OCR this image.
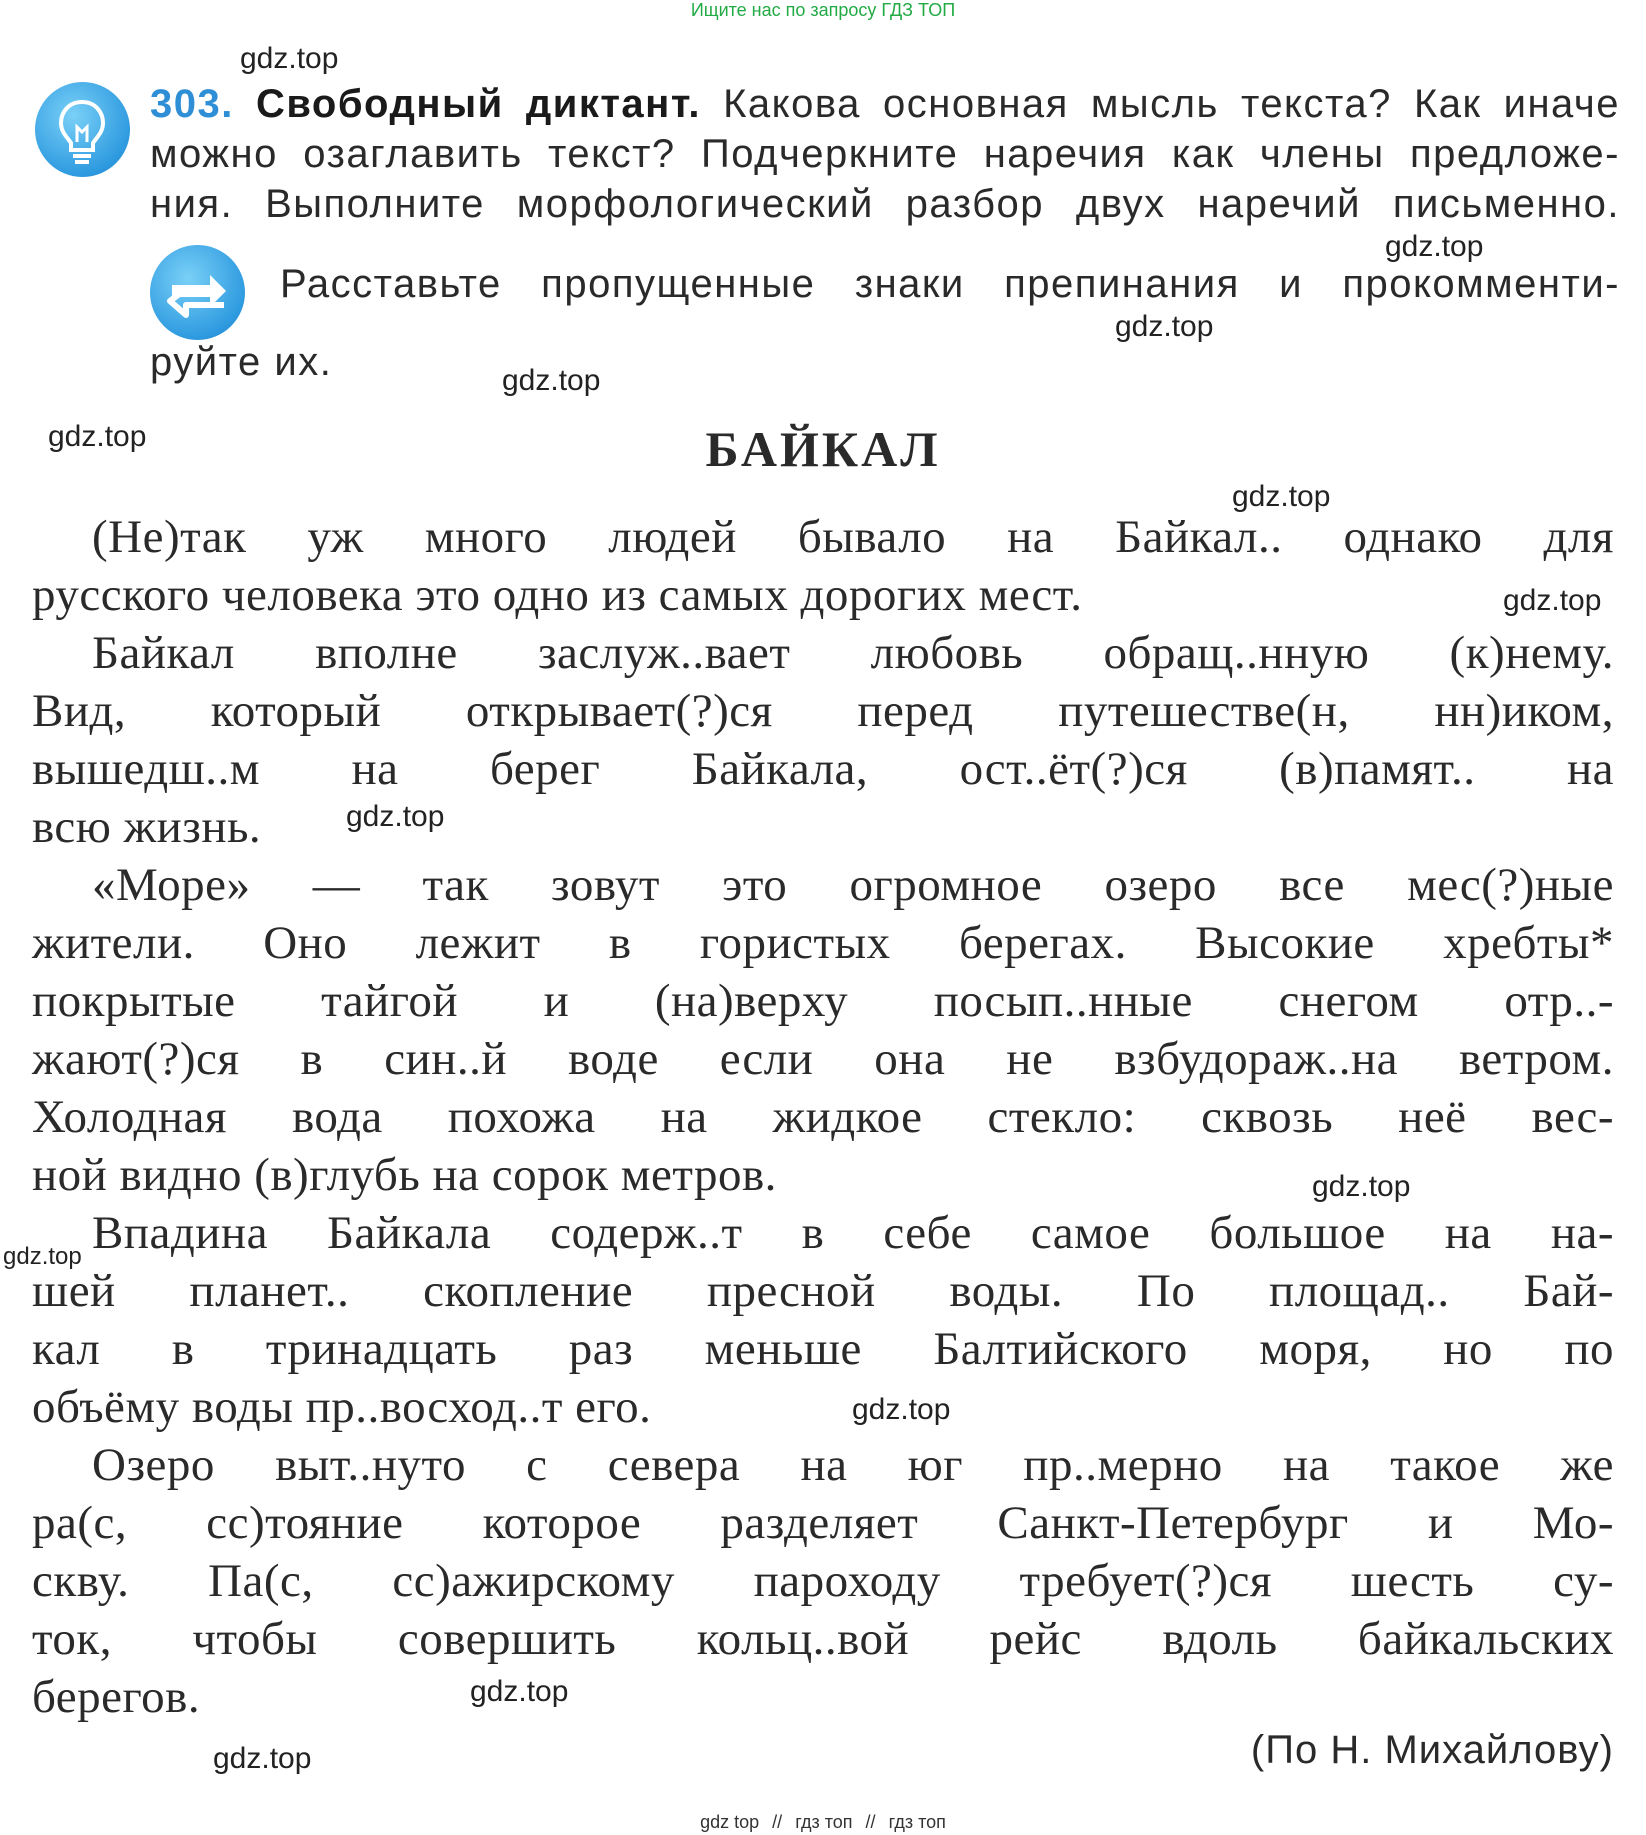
Ищите нас по запросу ГДЗ ТОП
303. Свободный диктант. Какова основная мысль текста? Как иначе
можно озаглавить текст? Подчеркните наречия как члены предложе-
ния. Выполните морфологический разбор двух наречий письменно.
Расставьте пропущенные знаки препинания и прокомменти-
руйте их.
БАЙКАЛ
(Не)так уж много людей бывало на Байкал.. однако для
русского человека это одно из самых дорогих мест.
Байкал вполне заслуж..вает любовь обращ..нную (к)нему.
Вид, который открывает(?)ся перед путешестве(н, нн)иком,
вышедш..м на берег Байкала, ост..ёт(?)ся (в)памят.. на
всю жизнь.
«Море» — так зовут это огромное озеро все мес(?)ные
жители. Оно лежит в гористых берегах. Высокие хребты*
покрытые тайгой и (на)верху посып..нные снегом отр..-
жают(?)ся в син..й воде если она не взбудораж..на ветром.
Холодная вода похожа на жидкое стекло: сквозь неё вес-
ной видно (в)глубь на сорок метров.
Впадина Байкала содерж..т в себе самое большое на на-
шей планет.. скопление пресной воды. По площад.. Бай-
кал в тринадцать раз меньше Балтийского моря, но по
объёму воды пр..восход..т его.
Озеро выт..нуто с севера на юг пр..мерно на такое же
ра(с, сс)тояние которое разделяет Санкт-Петербург и Мо-
скву. Па(с, сс)ажирскому пароходу требует(?)ся шесть су-
ток, чтобы совершить кольц..вой рейс вдоль байкальских
берегов.
(По Н. Михайлову)
gdz.top
gdz.top
gdz.top
gdz.top
gdz.top
gdz.top
gdz.top
gdz.top
gdz.top
gdz.top
gdz.top
gdz.top
gdz.top
gdz top // гдз топ // гдз топ
